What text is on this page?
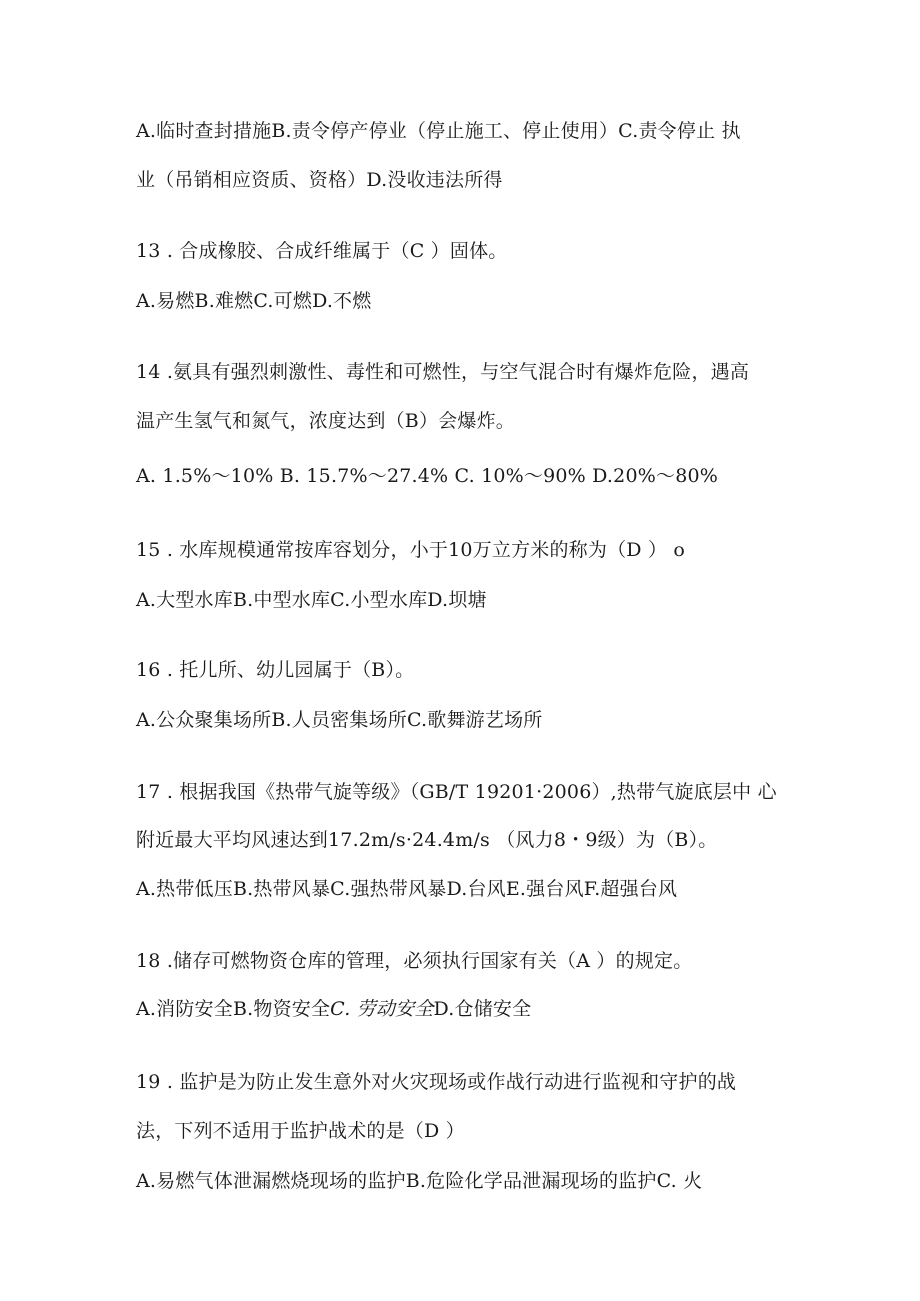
A.临时查封措施B.责令停产停业（停止施工、停止使用）C.责令停止 执
业（吊销相应资质、资格）D.没收违法所得
13 . 合成橡胶、合成纤维属于（C ）固体。
A.易燃B.难燃C.可燃D.不燃
14 .氨具有强烈刺激性、毒性和可燃性，与空气混合时有爆炸危险，遇高
温产生氢气和氮气，浓度达到（B）会爆炸。
A. 1.5%〜10% B. 15.7%〜27.4% C. 10%〜90% D.20%〜80%
15 . 水库规模通常按库容划分，小于10万立方米的称为（D ） o
A.大型水库B.中型水库C.小型水库D.坝塘
16 . 托儿所、幼儿园属于（B）。
A.公众聚集场所B.人员密集场所C.歌舞游艺场所
17 . 根据我国《热带气旋等级》（GB/T 19201·2006）,热带气旋底层中 心
附近最大平均风速达到17.2m/s·24.4m/s （风力8・9级）为（B）。
A.热带低压B.热带风暴C.强热带风暴D.台风E.强台风F.超强台风
18 .储存可燃物资仓库的管理，必须执行国家有关（A ）的规定。
A.消防安全B.物资安全C. 劳动安全D.仓储安全
19 . 监护是为防止发生意外对火灾现场或作战行动进行监视和守护的战
法，下列不适用于监护战术的是（D ）
A.易燃气体泄漏燃烧现场的监护B.危险化学品泄漏现场的监护C. 火
